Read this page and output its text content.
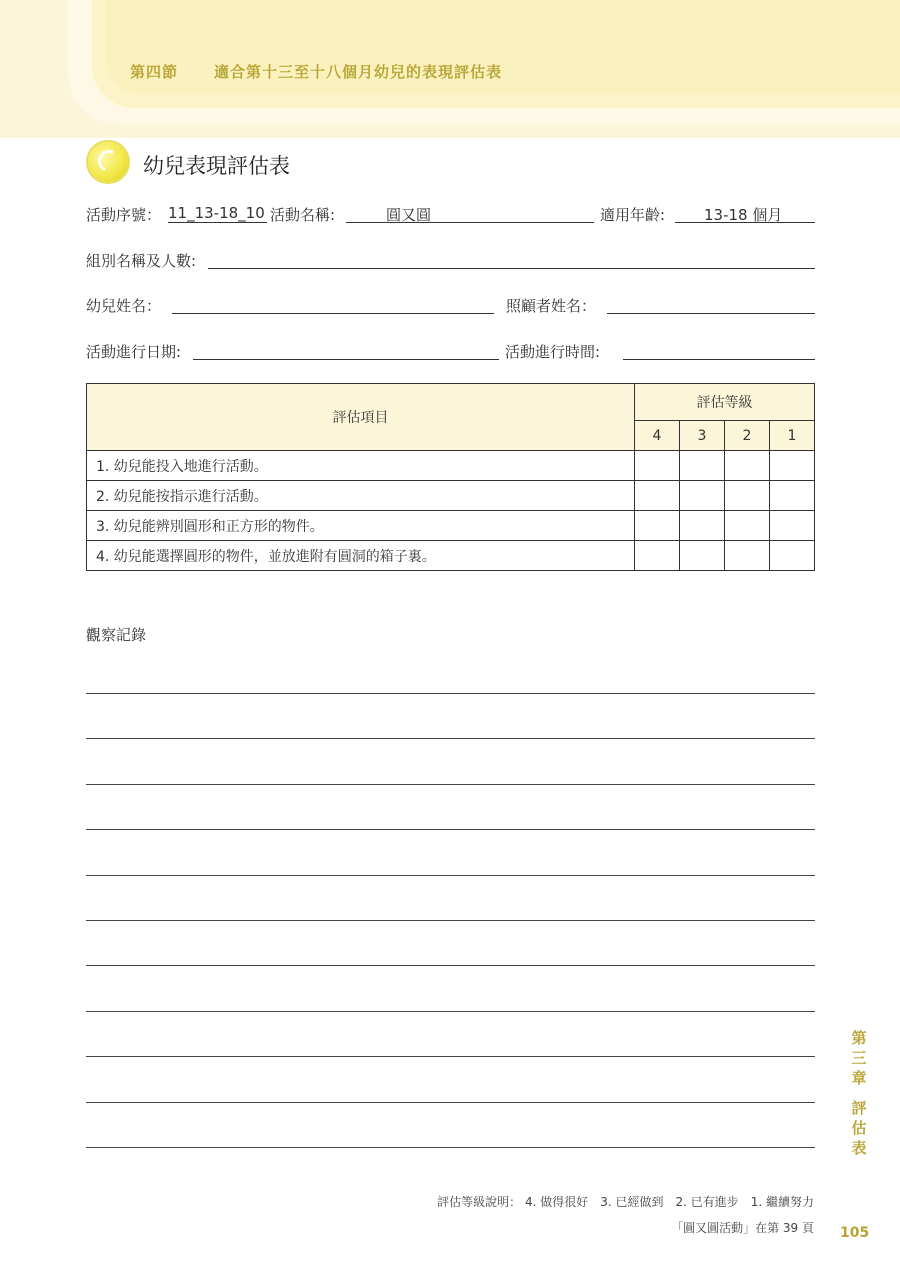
第四節 適合第十三至十八個月幼兒的表現評估表
幼兒表現評估表
活動序號： 11_13-18_10 活動名稱:	圓又圓	適用年齡:	13-18 個月
組別名稱及人數:
幼兒姓名：	照顧者姓名：
活動進行日期:	活動進行時間:
評估項目	評估等級			
	4	3	2	1
1. 幼兒能投入地進行活動。				
2. 幼兒能按指示進行活動。				
3. 幼兒能辨別圓形和正方形的物件。				
4. 幼兒能選擇圓形的物件，並放進附有圓洞的箱子裏。				
觀察記錄
第
三
章
評
估
表
評估等級說明： 4. 做得很好　3. 已經做到　2. 已有進步　1. 繼續努力
「圓又圓活動」在第 39 頁 105
